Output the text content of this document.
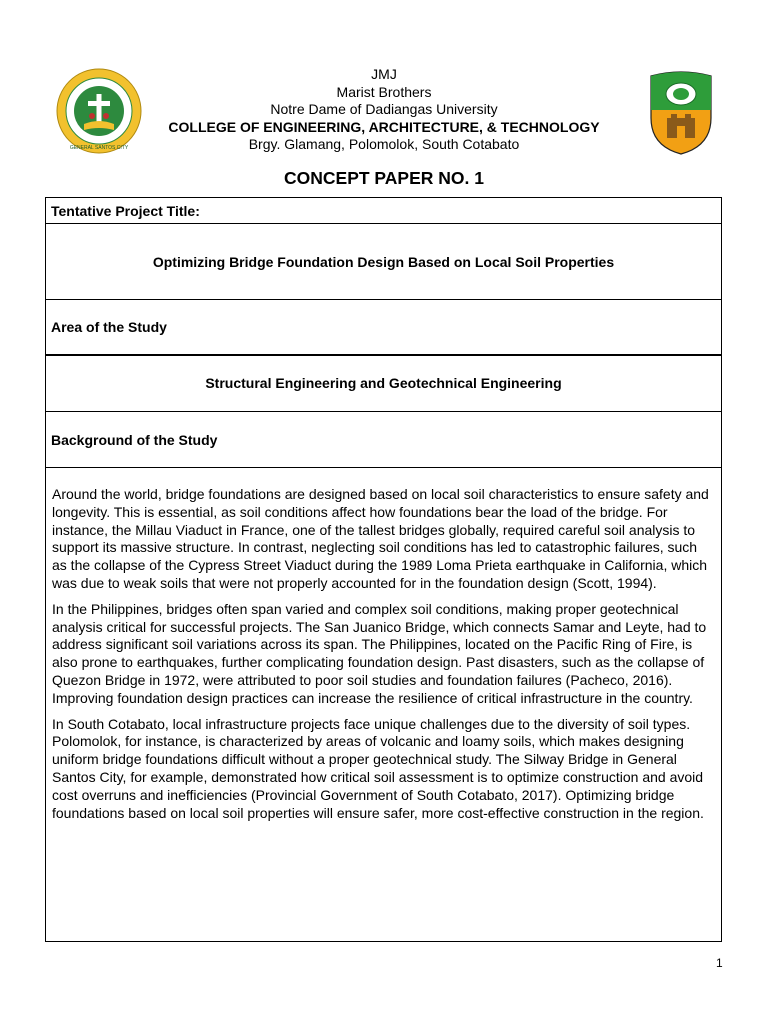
JMJ
Marist Brothers
Notre Dame of Dadiangas University
COLLEGE OF ENGINEERING, ARCHITECTURE, & TECHNOLOGY
Brgy. Glamang, Polomolok, South Cotabato
GENERAL SANTOS CITY
CONCEPT PAPER NO. 1
Tentative Project Title:
Optimizing Bridge Foundation Design Based on Local Soil Properties
Area of the Study
Structural Engineering and Geotechnical Engineering
Background of the Study

Around the world, bridge foundations are designed based on local soil characteristics to ensure safety and longevity. This is essential, as soil conditions affect how foundations bear the load of the bridge. For instance, the Millau Viaduct in France, one of the tallest bridges globally, required careful soil analysis to support its massive structure. In contrast, neglecting soil conditions has led to catastrophic failures, such as the collapse of the Cypress Street Viaduct during the 1989 Loma Prieta earthquake in California, which was due to weak soils that were not properly accounted for in the foundation design (Scott, 1994).

In the Philippines, bridges often span varied and complex soil conditions, making proper geotechnical analysis critical for successful projects. The San Juanico Bridge, which connects Samar and Leyte, had to address significant soil variations across its span. The Philippines, located on the Pacific Ring of Fire, is also prone to earthquakes, further complicating foundation design. Past disasters, such as the collapse of Quezon Bridge in 1972, were attributed to poor soil studies and foundation failures (Pacheco, 2016). Improving foundation design practices can increase the resilience of critical infrastructure in the country.

In South Cotabato, local infrastructure projects face unique challenges due to the diversity of soil types. Polomolok, for instance, is characterized by areas of volcanic and loamy soils, which makes designing uniform bridge foundations difficult without a proper geotechnical study. The Silway Bridge in General Santos City, for example, demonstrated how critical soil assessment is to optimize construction and avoid cost overruns and inefficiencies (Provincial Government of South Cotabato, 2017). Optimizing bridge foundations based on local soil properties will ensure safer, more cost-effective construction in the region.

1
